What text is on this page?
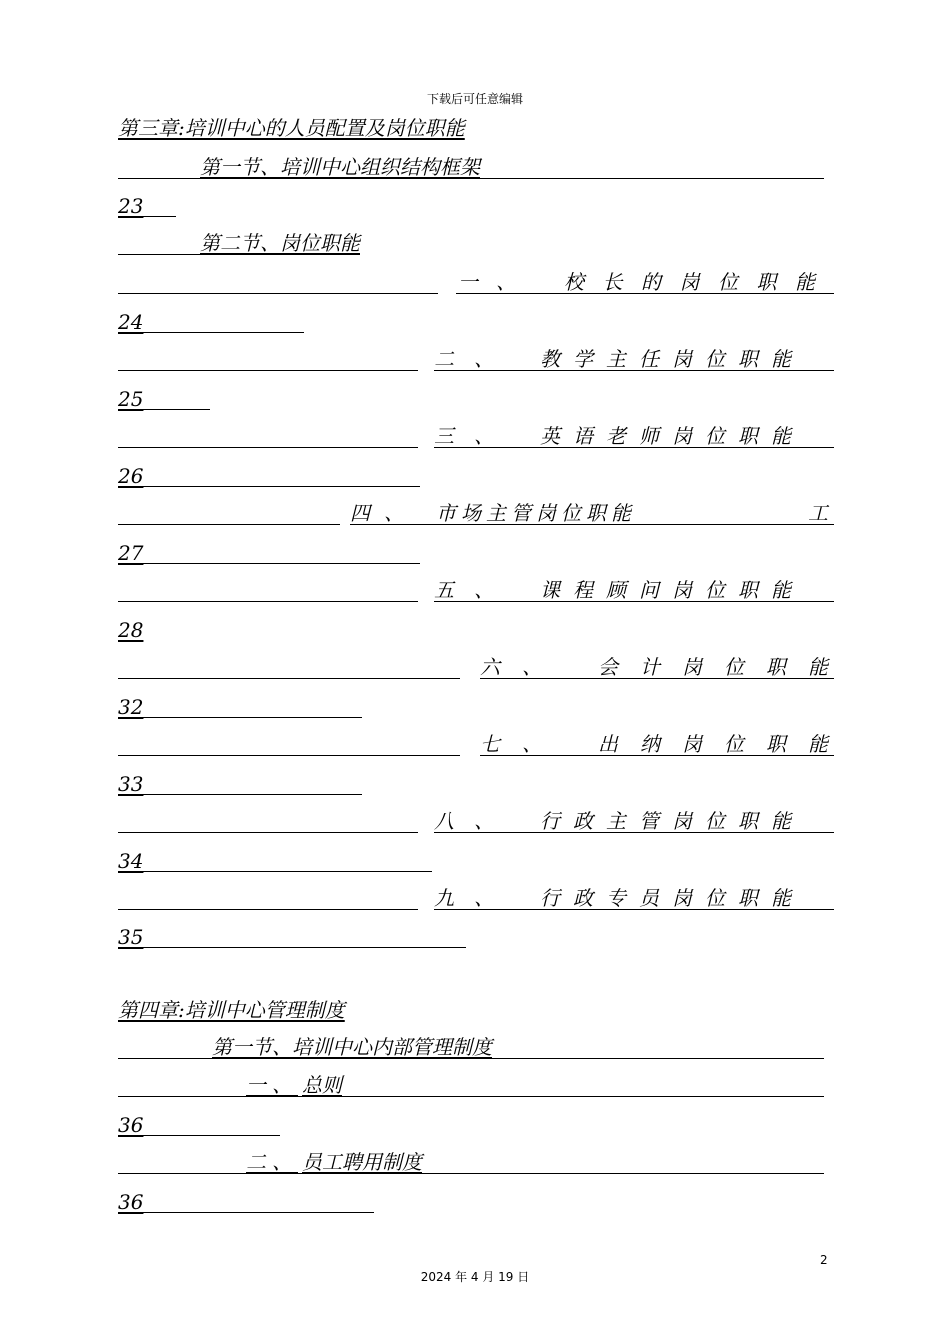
下载后可任意编辑
第三章:培训中心的人员配置及岗位职能
第一节、培训中心组织结构框架
23
第二节、岗位职能
一 、 校长的岗位职能
24
二 、 教学主任岗位职能
25
三 、 英语老师岗位职能
26
四 、 市场主管岗位职能	工
27
五 、 课程顾问岗位职能
28
六 、	会计岗位职能
32
七 、	出纳岗位职能
33
八 、 行政主管岗位职能
34
九 、 行政专员岗位职能
35
第四章:培训中心管理制度
第一节、培训中心内部管理制度
一、 总则
36
二、 员工聘用制度
36
2
2024 年 4 月 19 日
